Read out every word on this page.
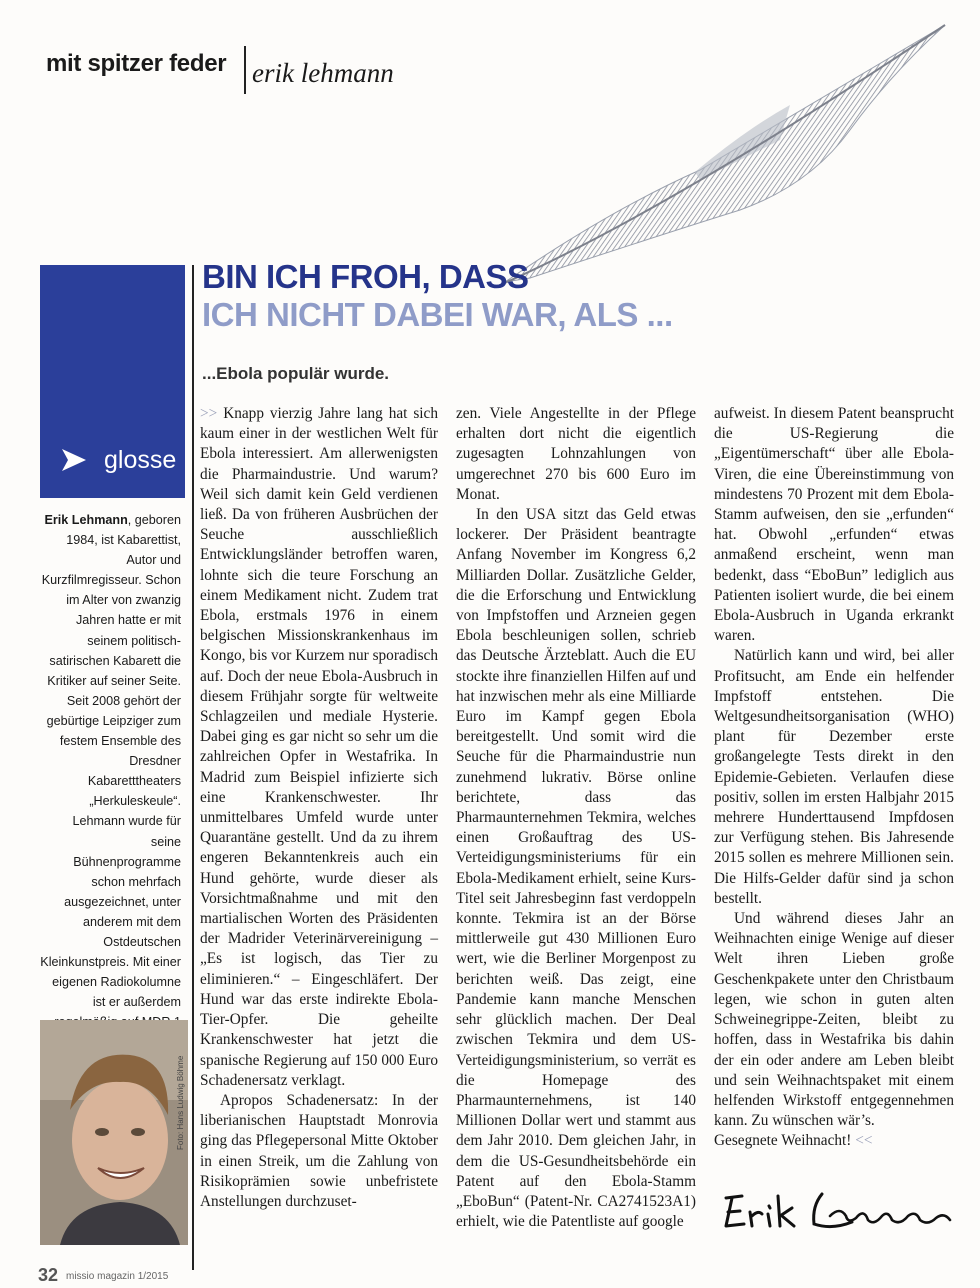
mit spitzer feder erik lehmann
glosse
BIN ICH FROH, DASS
ICH NICHT DABEI WAR, ALS ...
...Ebola populär wurde.
Erik Lehmann, geboren 1984, ist Kabarettist, Autor und Kurzfilmregisseur. Schon im Alter von zwanzig Jahren hatte er mit seinem politisch-satirischen Kabarett die Kritiker auf seiner Seite. Seit 2008 gehört der gebürtige Leipziger zum festem Ensemble des Dresdner Kabaretttheaters „Herkuleskeule“. Lehmann wurde für seine Bühnenprogramme schon mehrfach ausgezeichnet, unter anderem mit dem Ostdeutschen Kleinkunstpreis. Mit einer eigenen Radiokolumne ist er außerdem
Foto: Hans Ludwig Böhme

>> Knapp vierzig Jahre lang hat sich kaum einer in der westlichen Welt für Ebola interessiert. Am allerwenigsten die Pharmaindustrie. Und warum? Weil sich damit kein Geld verdienen ließ. Da von früheren Ausbrüchen der Seuche ausschließlich Entwicklungsländer betroffen waren, lohnte sich die teure Forschung an einem Medikament nicht. Zudem trat Ebola, erstmals 1976 in einem belgischen Missionskrankenhaus im Kongo, bis vor Kurzem nur sporadisch auf. Doch der neue Ebola-Ausbruch in diesem Frühjahr sorgte für weltweite Schlagzeilen und mediale Hysterie. Dabei ging es gar nicht so sehr um die zahlreichen Opfer in Westafrika. In Madrid zum Beispiel infizierte sich eine Krankenschwester. Ihr unmittelbares Umfeld wurde unter Quarantäne gestellt. Und da zu ihrem engeren Bekanntenkreis auch ein Hund gehörte, wurde dieser als Vorsichtmaßnahme und mit den martialischen Worten des Präsidenten der Madrider Veterinärvereinigung – „Es ist logisch, das Tier zu eliminieren.“ – Eingeschläfert. Der Hund war das erste indirekte Ebola-Tier-Opfer. Die geheilte Krankenschwester hat jetzt die spanische Regierung auf 150 000 Euro Schadenersatz verklagt.

Apropos Schadenersatz: In der liberianischen Hauptstadt Monrovia ging das Pflegepersonal Mitte Oktober in einen Streik, um die Zahlung von Risikoprämien sowie unbefristete Anstellungen durchzuset-

zen. Viele Angestellte in der Pflege erhalten dort nicht die eigentlich zugesagten Lohnzahlungen von umgerechnet 270 bis 600 Euro im Monat.

In den USA sitzt das Geld etwas lockerer. Der Präsident beantragte Anfang November im Kongress 6,2 Milliarden Dollar. Zusätzliche Gelder, die die Erforschung und Entwicklung von Impfstoffen und Arzneien gegen Ebola beschleunigen sollen, schrieb das Deutsche Ärzteblatt. Auch die EU stockte ihre finanziellen Hilfen auf und hat inzwischen mehr als eine Milliarde Euro im Kampf gegen Ebola bereitgestellt. Und somit wird die Seuche für die Pharmaindustrie nun zunehmend lukrativ. Börse online berichtete, dass das Pharmaunternehmen Tekmira, welches einen Großauftrag des US-Verteidigungsministeriums für ein Ebola-Medikament erhielt, seine Kurs-Titel seit Jahresbeginn fast verdoppeln konnte. Tekmira ist an der Börse mittlerweile gut 430 Millionen Euro wert, wie die Berliner Morgenpost zu berichten weiß. Das zeigt, eine Pandemie kann manche Menschen sehr glücklich machen. Der Deal zwischen Tekmira und dem US-Verteidigungsministerium, so verrät es die Homepage des Pharmaunternehmens, ist 140 Millionen Dollar wert und stammt aus dem Jahr 2010. Dem gleichen Jahr, in dem die US-Gesundheitsbehörde ein Patent auf den Ebola-Stamm „EboBun“ (Patent-Nr. CA2741523A1) erhielt, wie die Patentliste auf google

aufweist. In diesem Patent beansprucht die US-Regierung die „Eigentümerschaft“ über alle Ebola-Viren, die eine Übereinstimmung von mindestens 70 Prozent mit dem Ebola-Stamm aufweisen, den sie „erfunden“ hat. Obwohl „erfunden“ etwas anmaßend erscheint, wenn man bedenkt, dass “EboBun” lediglich aus Patienten isoliert wurde, die bei einem Ebola-Ausbruch in Uganda erkrankt waren.

Natürlich kann und wird, bei aller Profitsucht, am Ende ein helfender Impfstoff entstehen. Die Weltgesundheitsorganisation (WHO) plant für Dezember erste großangelegte Tests direkt in den Epidemie-Gebieten. Verlaufen diese positiv, sollen im ersten Halbjahr 2015 mehrere Hunderttausend Impfdosen zur Verfügung stehen. Bis Jahresende 2015 sollen es mehrere Millionen sein. Die Hilfs-Gelder dafür sind ja schon bestellt.

Und während dieses Jahr an Weihnachten einige Wenige auf dieser Welt ihren Lieben große Geschenkpakete unter den Christbaum legen, wie schon in guten alten Schweinegrippe-Zeiten, bleibt zu hoffen, dass in Westafrika bis dahin der ein oder andere am Leben bleibt und sein Weihnachtspaket mit einem helfenden Wirkstoff entgegennehmen kann. Zu wünschen wär’s.

Gesegnete Weihnacht! <<

32 missio magazin 1/2015
